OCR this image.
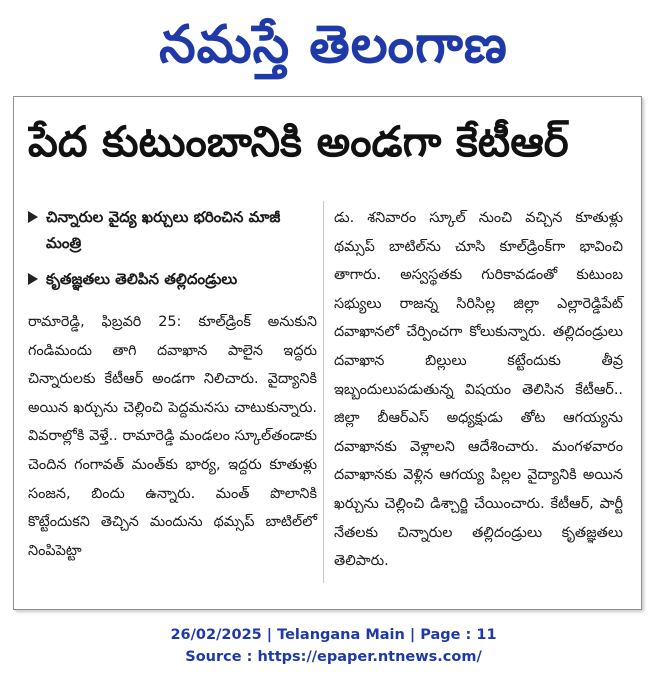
నమస్తే తెలంగాణ
పేద కుటుంబానికి అండగా కేటీఆర్
చిన్నారుల వైద్య ఖర్చులు భరించిన మాజీ మంత్రి
కృతజ్ఞతలు తెలిపిన తల్లిదండ్రులు

రామారెడ్డి, ఫిబ్రవరి 25: కూల్‌డ్రింక్ అనుకుని గండిమందు తాగి దవాఖాన పాలైన ఇద్దరు చిన్నారులకు కేటీఆర్ అండగా నిలిచారు. వైద్యానికి అయిన ఖర్చును చెల్లించి పెద్దమనసు చాటుకున్నారు. వివరాల్లోకి వెళ్తే.. రామారెడ్డి మండలం స్కూల్‌తండాకు చెందిన గంగావత్ మంత్‌కు భార్య, ఇద్దరు కూతుళ్లు సంజన, బిందు ఉన్నారు. మంత్ పొలానికి కొట్టేందుకని తెచ్చిన మందును థమ్సప్ బాటిల్‌లో నింపిపెట్టా

డు. శనివారం స్కూల్ నుంచి వచ్చిన కూతుళ్లు థమ్సప్ బాటిల్‌ను చూసి కూల్‌డ్రింక్‌గా భావించి తాగారు. అస్వస్థతకు గురికావడంతో కుటుంబ సభ్యులు రాజన్న సిరిసిల్ల జిల్లా ఎల్లారెడ్డిపేట్ దవాఖానలో చేర్పించగా కోలుకున్నారు. తల్లిదండ్రులు దవాఖాన బిల్లులు కట్టేందుకు తీవ్ర ఇబ్బందులుపడుతున్న విషయం తెలిసిన కేటీఆర్.. జిల్లా బీఆర్‌ఎస్ అధ్యక్షుడు తోట ఆగయ్యను దవాఖానకు వెళ్లాలని ఆదేశించారు. మంగళవారం దవాఖానకు వెళ్లిన ఆగయ్య పిల్లల వైద్యానికి అయిన ఖర్చును చెల్లించి డిశ్చార్జి చేయించారు. కేటీఆర్, పార్టీ నేతలకు చిన్నారుల తల్లిదండ్రులు కృతజ్ఞతలు తెలిపారు.

26/02/2025 | Telangana Main | Page : 11
Source : https://epaper.ntnews.com/
